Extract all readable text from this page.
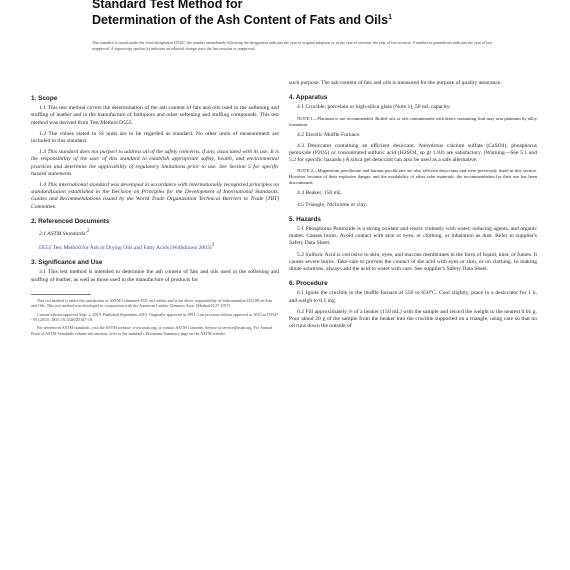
Standard Test Method for
Determination of the Ash Content of Fats and Oils$^1$
This standard is issued under the fixed designation D5347; the number immediately following the designation indicates the year of original adoption or, in the case of revision, the year of last revision. A number in parentheses indicates the year of last reapproval. A superscript epsilon (ε) indicates an editorial change since the last revision or reapproval.
1. Scope

1.1 This test method covers the determination of the ash content of fats and oils used in the softening and stuffing of leather and in the manufacture of fatliquors and other softening and stuffing compounds. This test method was derived from Test Method D555.

1.2 The values stated in SI units are to be regarded as standard. No other units of measurement are included in this standard.

1.3 This standard does not purport to address all of the safety concerns, if any, associated with its use. It is the responsibility of the user of this standard to establish appropriate safety, health, and environmental practices and determine the applicability of regulatory limitations prior to use. See Section 5 for specific hazard statements.

1.4 This international standard was developed in accordance with internationally recognized principles on standardization established in the Decision on Principles for the Development of International Standards, Guides and Recommendations issued by the World Trade Organization Technical Barriers to Trade (TBT) Committee.

2. Referenced Documents

2.1 ASTM Standards:$^2$

D555 Test Method for Ash in Drying Oils and Fatty Acids (Withdrawn 2003)$^3$

3. Significance and Use

3.1 This test method is intended to determine the ash content of fats and oils used in the softening and stuffing of leather, as well as those used in the manufacture of products for

This test method is under the jurisdiction of ASTM Committee D31 on Leather and is the direct responsibility of Subcommittee D31.08 on Fats and Oils. This test method was developed in cooperation with the American Leather Chemists Assn. (Method H 27-1957).

Current edition approved Sept. 1, 2019. Published September 2019. Originally approved in 1993. Last previous edition approved in 2015 as D5347 - 95 (2015). DOI: 10.1520/D5347-19.

For referenced ASTM standards, visit the ASTM website, www.astm.org, or contact ASTM Customer Service at service@astm.org. For Annual Book of ASTM Standards volume information, refer to the standard's Document Summary page on the ASTM website.

such purpose. The ash content of fats and oils is measured for the purpose of quality assurance.

4. Apparatus

4.1 Crucible, porcelain or high-silica glass (Note 1), 50 mL capacity.

NOTE 1—Platinum is not recommended. Boiled oils or oils contaminated with driers containing lead may ruin platinum by alloy formation.

4.2 Electric Muffle Furnace.

4.3 Desiccator containing an efficient desiccant. Anhydrous calcium sulfate (CaSO4), phosphorus pentoxide (P2O5) or concentrated sulfuric acid (H2SO4, sp gr 1.84) are satisfactory. (Warning—See 5.1 and 5.2 for specific hazards.) A silica gel desiccant can also be used as a safe alternative.

NOTE 2—Magnesium perchlorate and barium perchlorate are also efficient desiccants and were previously listed in this section. However because of their explosive danger, and the availability of other safer materials, the recommendation for their use has been discontinued.

4.4 Beaker, 150 mL.

4.5 Triangle, Nichrome or clay.

5. Hazards

5.1 Phosphorus Pentoxide is a strong oxidant and reacts violently with water, reducing agents, and organic matter. Causes burns. Avoid contact with skin or eyes, or clothing, or inhalation as dust. Refer to supplier's Safety Data Sheet.

5.2 Sulfuric Acid is corrosive to skin, eyes, and mucous membranes in the form of liquid, mist, or fumes. It causes severe burns. Take care to prevent the contact of the acid with eyes or skin, or on clothing. In making dilute solutions, always add the acid to water with care. See supplier's Safety Data Sheet.

6. Procedure

6.1 Ignite the crucible in the muffle furnace at 550 to 650°C. Cool slightly, place in a desiccator for 1 h, and weigh to 0.1 mg.

6.2 Fill approximately ⅔ of a beaker (150 mL) with the sample and record the weight to the nearest 0.01 g. Pour about 20 g of the sample from the beaker into the crucible supported on a triangle, using care so that no oil runs down the outside of
